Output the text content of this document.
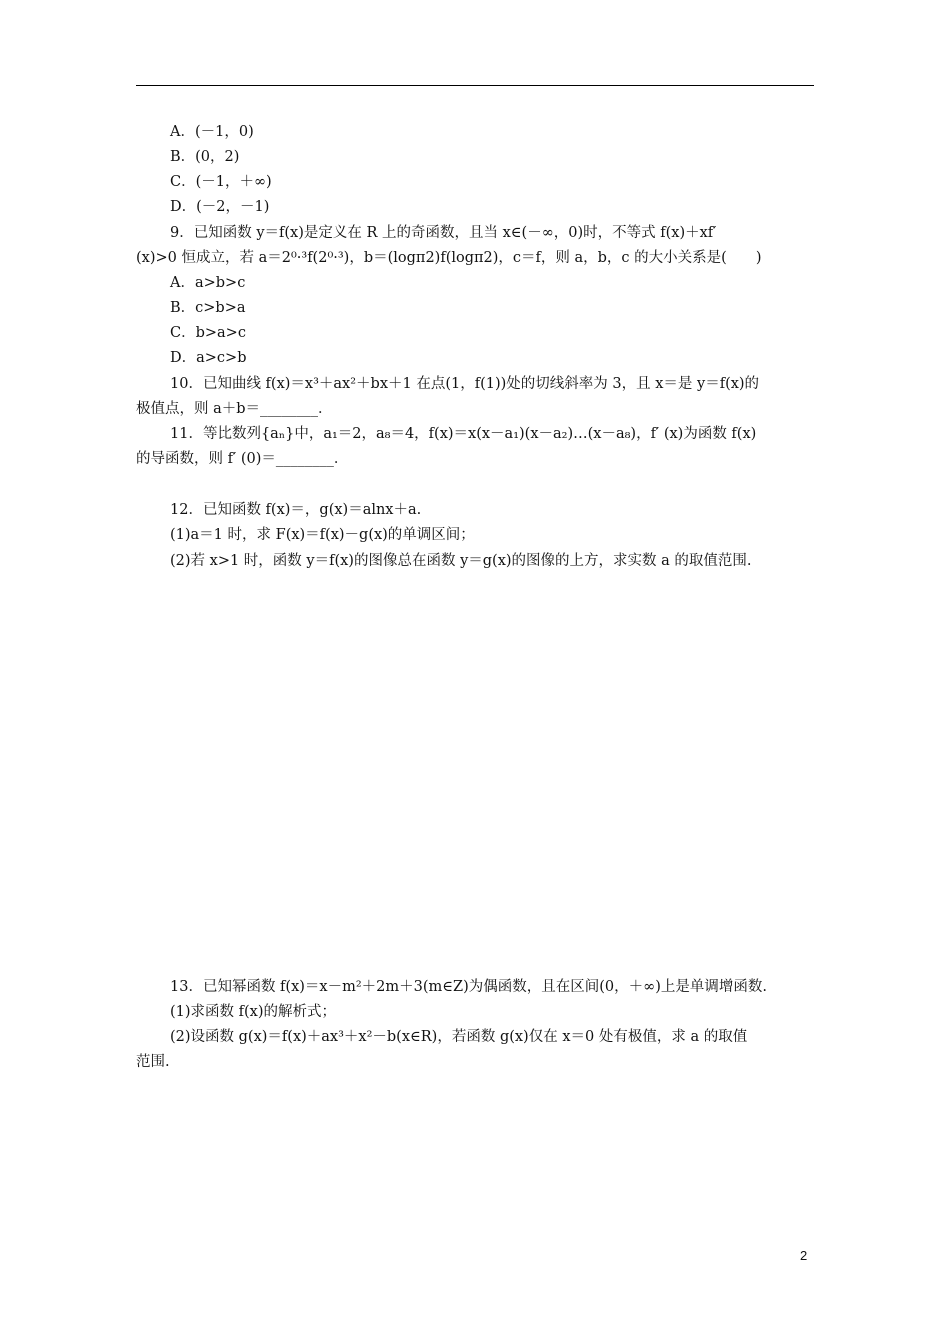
A．(－1，0)
B．(0，2)
C．(－1，＋∞)
D．(－2，－1)
9．已知函数 y＝f(x)是定义在 R 上的奇函数，且当 x∈(－∞，0)时，不等式 f(x)＋xf′
(x)>0 恒成立，若 a＝2⁰·³f(2⁰·³)，b＝(logπ2)f(logπ2)，c＝f，则 a，b，c 的大小关系是(　　)
A．a>b>c
B．c>b>a
C．b>a>c
D．a>c>b
10．已知曲线 f(x)＝x³＋ax²＋bx＋1 在点(1，f(1))处的切线斜率为 3，且 x＝是 y＝f(x)的
极值点，则 a＋b＝________．
11．等比数列{aₙ}中，a₁＝2，a₈＝4，f(x)＝x(x－a₁)(x－a₂)…(x－a₈)，f′ (x)为函数 f(x)
的导函数，则 f′ (0)＝________．
12．已知函数 f(x)＝，g(x)＝alnx＋a.
(1)a＝1 时，求 F(x)＝f(x)－g(x)的单调区间；
(2)若 x>1 时，函数 y＝f(x)的图像总在函数 y＝g(x)的图像的上方，求实数 a 的取值范围.
13．已知幂函数 f(x)＝x－m²＋2m＋3(m∈Z)为偶函数，且在区间(0，＋∞)上是单调增函数.
(1)求函数 f(x)的解析式；
(2)设函数 g(x)＝f(x)＋ax³＋x²－b(x∈R)，若函数 g(x)仅在 x＝0 处有极值，求 a 的取值
范围.
2
